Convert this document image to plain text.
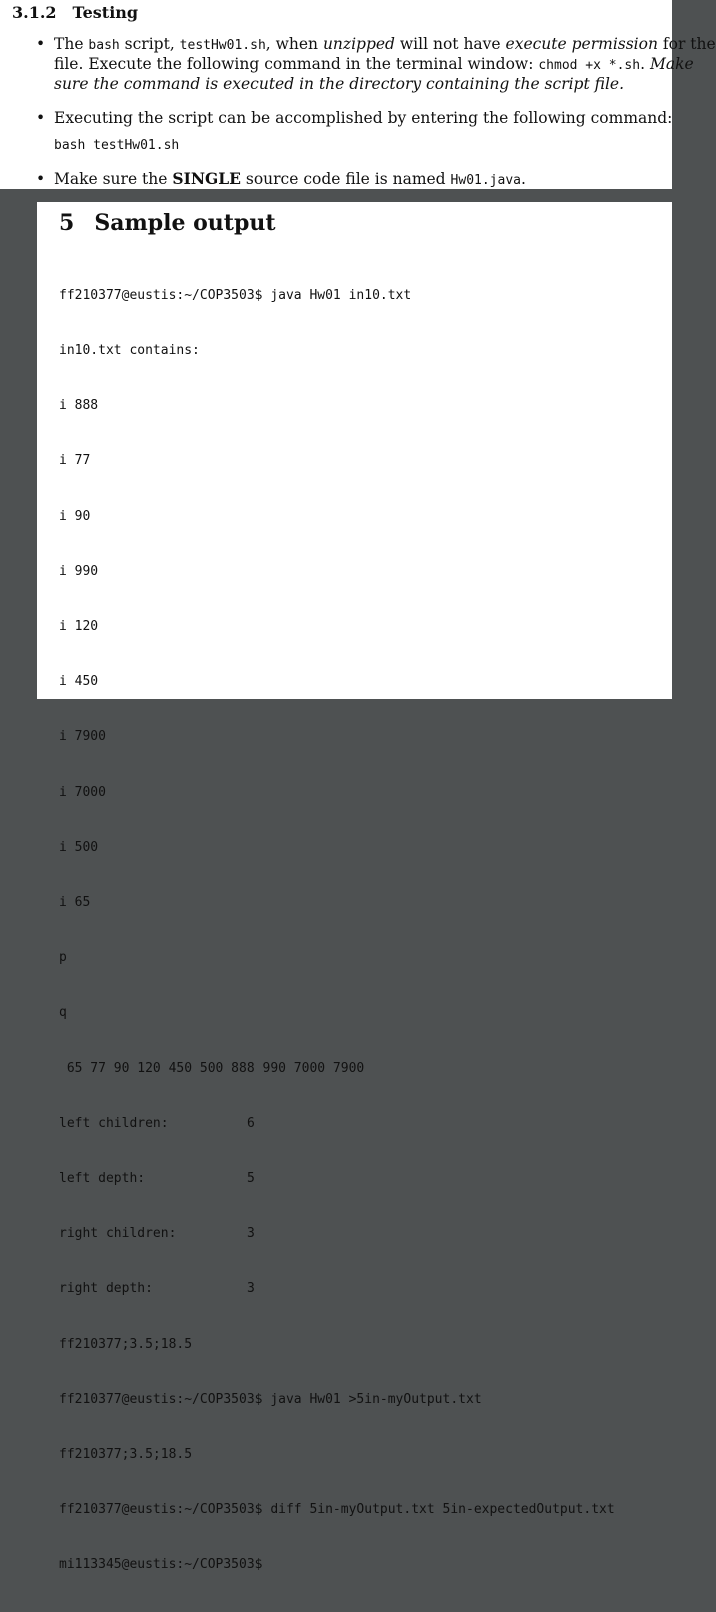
3.1.2 Testing
• The bash script, testHw01.sh, when unzipped will not have execute permission for the
file. Execute the following command in the terminal window: chmod +x *.sh. Make
sure the command is executed in the directory containing the script file.
• Executing the script can be accomplished by entering the following command:
bash testHw01.sh
• Make sure the SINGLE source code file is named Hw01.java.
5 Sample output

ff210377@eustis:~/COP3503$ java Hw01 in10.txt

in10.txt contains:

i 888

i 77

i 90

i 990

i 120

i 450

i 7900

i 7000

i 500

i 65

p

q

65 77 90 120 450 500 888 990 7000 7900

left children:	6

left depth:	5

right children:	3

right depth:	3

ff210377;3.5;18.5

ff210377@eustis:~/COP3503$ java Hw01 >5in-myOutput.txt

ff210377;3.5;18.5

ff210377@eustis:~/COP3503$ diff 5in-myOutput.txt 5in-expectedOutput.txt

mi113345@eustis:~/COP3503$
